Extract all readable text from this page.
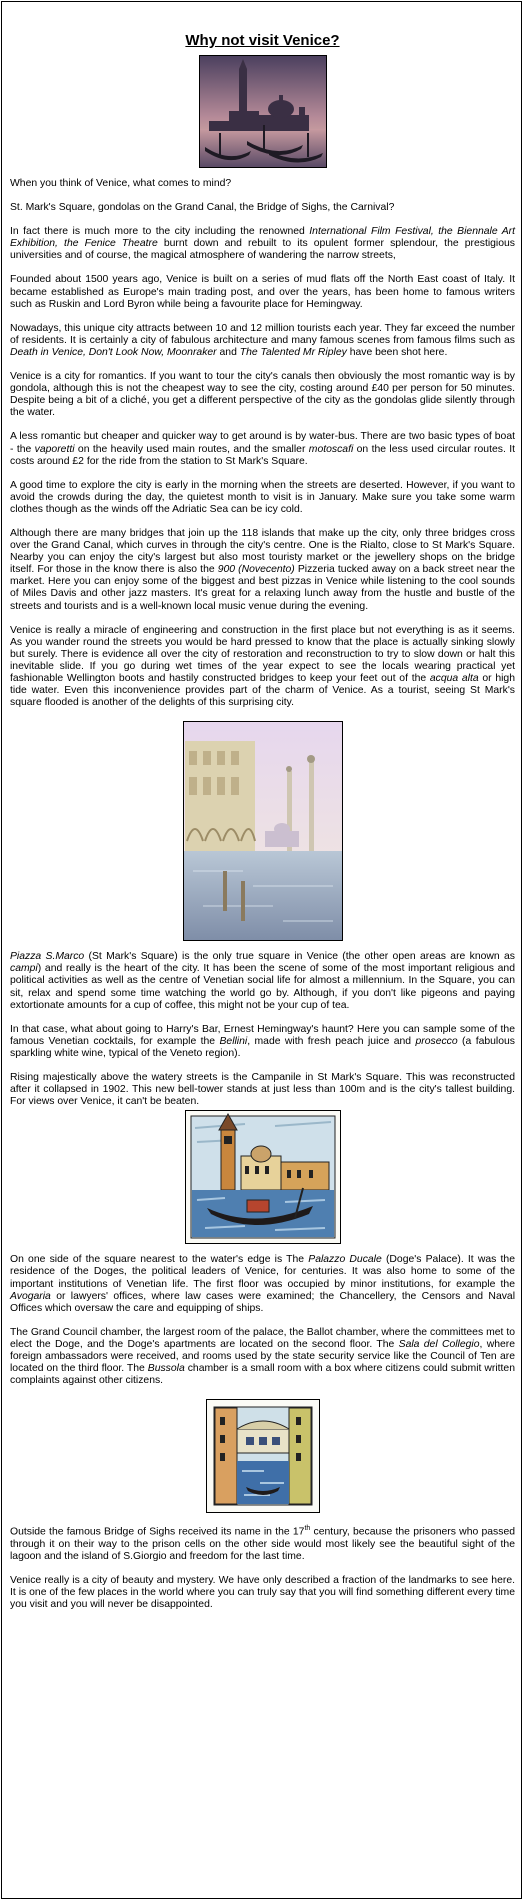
Why not visit Venice?

When you think of Venice, what comes to mind?

St. Mark's Square, gondolas on the Grand Canal, the Bridge of Sighs, the Carnival?

In fact there is much more to the city including the renowned International Film Festival, the Biennale Art Exhibition, the Fenice Theatre burnt down and rebuilt to its opulent former splendour, the prestigious universities and of course, the magical atmosphere of wandering the narrow streets,

Founded about 1500 years ago, Venice is built on a series of mud flats off the North East coast of Italy. It became established as Europe's main trading post, and over the years, has been home to famous writers such as Ruskin and Lord Byron while being a favourite place for Hemingway.

Nowadays, this unique city attracts between 10 and 12 million tourists each year. They far exceed the number of residents. It is certainly a city of fabulous architecture and many famous scenes from famous films such as Death in Venice, Don't Look Now, Moonraker and The Talented Mr Ripley have been shot here.

Venice is a city for romantics. If you want to tour the city's canals then obviously the most romantic way is by gondola, although this is not the cheapest way to see the city, costing around £40 per person for 50 minutes. Despite being a bit of a cliché, you get a different perspective of the city as the gondolas glide silently through the water.

A less romantic but cheaper and quicker way to get around is by water-bus. There are two basic types of boat - the vaporetti on the heavily used main routes, and the smaller motoscafi on the less used circular routes. It costs around £2 for the ride from the station to St Mark's Square.

A good time to explore the city is early in the morning when the streets are deserted. However, if you want to avoid the crowds during the day, the quietest month to visit is in January. Make sure you take some warm clothes though as the winds off the Adriatic Sea can be icy cold.

Although there are many bridges that join up the 118 islands that make up the city, only three bridges cross over the Grand Canal, which curves in through the city's centre. One is the Rialto, close to St Mark's Square. Nearby you can enjoy the city's largest but also most touristy market or the jewellery shops on the bridge itself. For those in the know there is also the 900 (Novecento) Pizzeria tucked away on a back street near the market. Here you can enjoy some of the biggest and best pizzas in Venice while listening to the cool sounds of Miles Davis and other jazz masters. It's great for a relaxing lunch away from the hustle and bustle of the streets and tourists and is a well-known local music venue during the evening.

Venice is really a miracle of engineering and construction in the first place but not everything is as it seems. As you wander round the streets you would be hard pressed to know that the place is actually sinking slowly but surely. There is evidence all over the city of restoration and reconstruction to try to slow down or halt this inevitable slide. If you go during wet times of the year expect to see the locals wearing practical yet fashionable Wellington boots and hastily constructed bridges to keep your feet out of the acqua alta or high tide water. Even this inconvenience provides part of the charm of Venice. As a tourist, seeing St Mark's square flooded is another of the delights of this surprising city.

Piazza S.Marco (St Mark's Square) is the only true square in Venice (the other open areas are known as campi) and really is the heart of the city. It has been the scene of some of the most important religious and political activities as well as the centre of Venetian social life for almost a millennium. In the Square, you can sit, relax and spend some time watching the world go by. Although, if you don't like pigeons and paying extortionate amounts for a cup of coffee, this might not be your cup of tea.

In that case, what about going to Harry's Bar, Ernest Hemingway's haunt? Here you can sample some of the famous Venetian cocktails, for example the Bellini, made with fresh peach juice and prosecco (a fabulous sparkling white wine, typical of the Veneto region).

Rising majestically above the watery streets is the Campanile in St Mark's Square. This was reconstructed after it collapsed in 1902. This new bell-tower stands at just less than 100m and is the city's tallest building. For views over Venice, it can't be beaten.

On one side of the square nearest to the water's edge is The Palazzo Ducale (Doge's Palace). It was the residence of the Doges, the political leaders of Venice, for centuries. It was also home to some of the important institutions of Venetian life. The first floor was occupied by minor institutions, for example the Avogaria or lawyers' offices, where law cases were examined; the Chancellery, the Censors and Naval Offices which oversaw the care and equipping of ships.

The Grand Council chamber, the largest room of the palace, the Ballot chamber, where the committees met to elect the Doge, and the Doge's apartments are located on the second floor. The Sala del Collegio, where foreign ambassadors were received, and rooms used by the state security service like the Council of Ten are located on the third floor. The Bussola chamber is a small room with a box where citizens could submit written complaints against other citizens.

Outside the famous Bridge of Sighs received its name in the 17th century, because the prisoners who passed through it on their way to the prison cells on the other side would most likely see the beautiful sight of the lagoon and the island of S.Giorgio and freedom for the last time.

Venice really is a city of beauty and mystery. We have only described a fraction of the landmarks to see here. It is one of the few places in the world where you can truly say that you will find something different every time you visit and you will never be disappointed.
